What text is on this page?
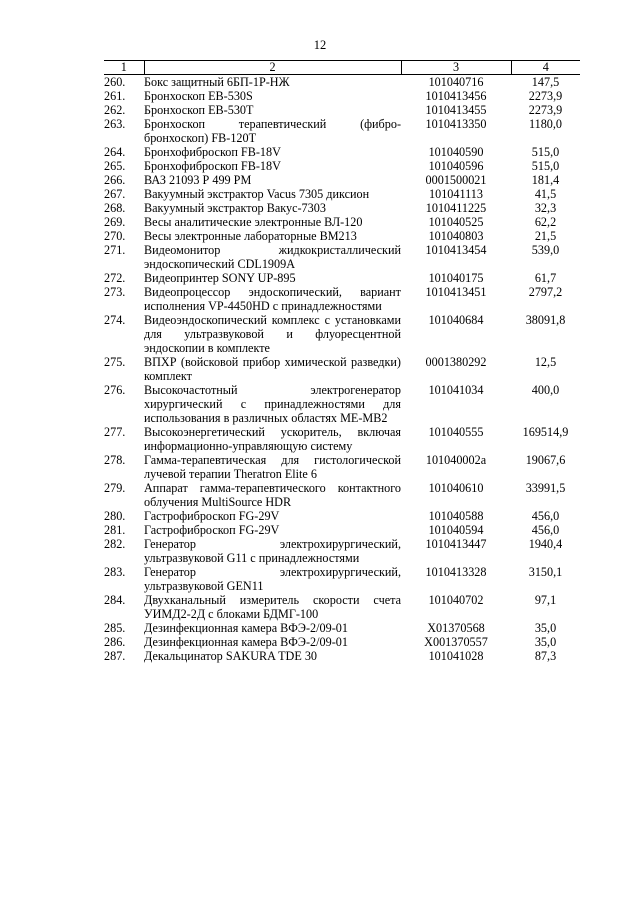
12
1	2	3	4
260.	Бокс защитный 6БП-1Р-НЖ	101040716	147,5
261.	Бронхоскоп EB-530S	1010413456	2273,9
262.	Бронхоскоп EB-530T	1010413455	2273,9
263.	Бронхоскоп терапевтический (фибро-бронхоскоп) FB-120T	1010413350	1180,0
264.	Бронхофиброскоп FB-18V	101040590	515,0
265.	Бронхофиброскоп FB-18V	101040596	515,0
266.	ВАЗ 21093 Р 499 РМ	0001500021	181,4
267.	Вакуумный экстрактор Vacus 7305 диксион	101041113	41,5
268.	Вакуумный экстрактор Вакус-7303	1010411225	32,3
269.	Весы аналитические электронные ВЛ-120	101040525	62,2
270.	Весы электронные лабораторные ВМ213	101040803	21,5
271.	Видеомонитор жидкокристаллический эндоскопический CDL1909A	1010413454	539,0
272.	Видеопринтер SONY UP-895	101040175	61,7
273.	Видеопроцессор эндоскопический, вариант исполнения VP-4450HD с принадлежностями	1010413451	2797,2
274.	Видеоэндоскопический комплекс с установками для ультразвуковой и флуоресцентной эндоскопии в комплекте	101040684	38091,8
275.	ВПХР (войсковой прибор химической разведки) комплект	0001380292	12,5
276.	Высокочастотный электрогенератор хирургический с принадлежностями для использования в различных областях МЕ-МВ2	101041034	400,0
277.	Высокоэнергетический ускоритель, включая информационно-управляющую систему	101040555	169514,9
278.	Гамма-терапевтическая для гистологической лучевой терапии Theratron Elite 6	101040002а	19067,6
279.	Аппарат гамма-терапевтического контактного облучения MultiSource HDR	101040610	33991,5
280.	Гастрофиброскоп FG-29V	101040588	456,0
281.	Гастрофиброскоп FG-29V	101040594	456,0
282.	Генератор электрохирургический, ультразвуковой G11 с принадлежностями	1010413447	1940,4
283.	Генератор электрохирургический, ультразвуковой GEN11	1010413328	3150,1
284.	Двухканальный измеритель скорости счета УИМД2-2Д с блоками БДМГ-100	101040702	97,1
285.	Дезинфекционная камера ВФЭ-2/09-01	Х01370568	35,0
286.	Дезинфекционная камера ВФЭ-2/09-01	Х001370557	35,0
287.	Декальцинатор SAKURA TDE 30	101041028	87,3
